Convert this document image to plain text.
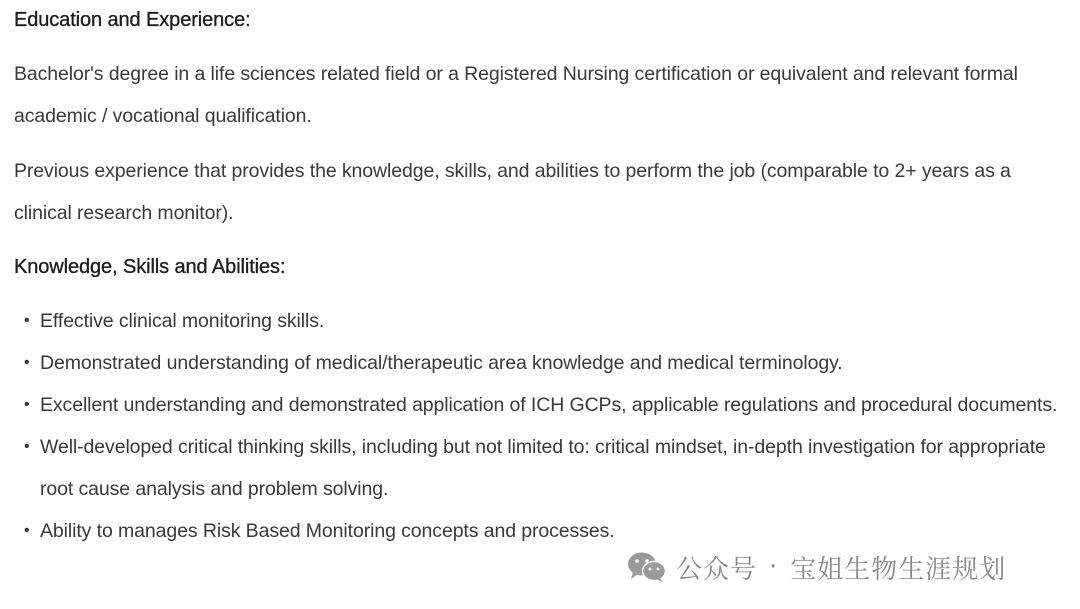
Education and Experience:

Bachelor's degree in a life sciences related field or a Registered Nursing certification or equivalent and relevant formal academic / vocational qualification.

Previous experience that provides the knowledge, skills, and abilities to perform the job (comparable to 2+ years as a clinical research monitor).

Knowledge, Skills and Abilities:
• Effective clinical monitoring skills.
• Demonstrated understanding of medical/therapeutic area knowledge and medical terminology.
• Excellent understanding and demonstrated application of ICH GCPs, applicable regulations and procedural documents.
• Well-developed critical thinking skills, including but not limited to: critical mindset, in-depth investigation for appropriate root cause analysis and problem solving.
• Ability to manages Risk Based Monitoring concepts and processes.
公众号 · 宝姐生物生涯规划
